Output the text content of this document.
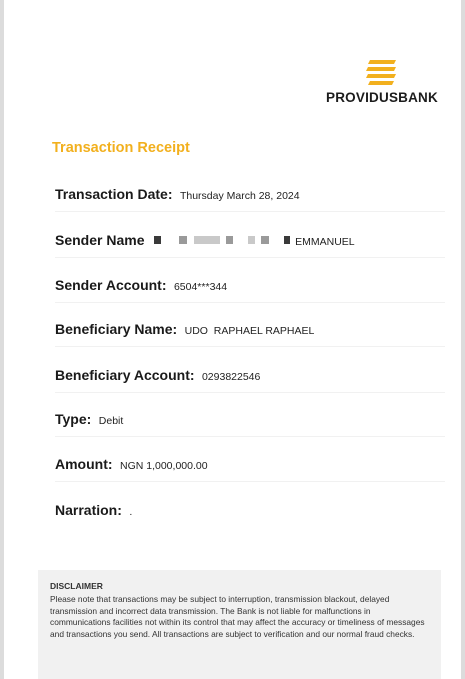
PROVIDUSBANK
Transaction Receipt
Transaction Date: Thursday March 28, 2024
Sender Name	EMMANUEL
Sender Account: 6504***344
Beneficiary Name: UDO  RAPHAEL RAPHAEL
Beneficiary Account: 0293822546
Type: Debit
Amount: NGN 1,000,000.00
Narration: .
DISCLAIMER
Please note that transactions may be subject to interruption, transmission blackout, delayed transmission and incorrect data transmission. The Bank is not liable for malfunctions in communications facilities not within its control that may affect the accuracy or timeliness of messages and transactions you send. All transactions are subject to verification and our normal fraud checks.
